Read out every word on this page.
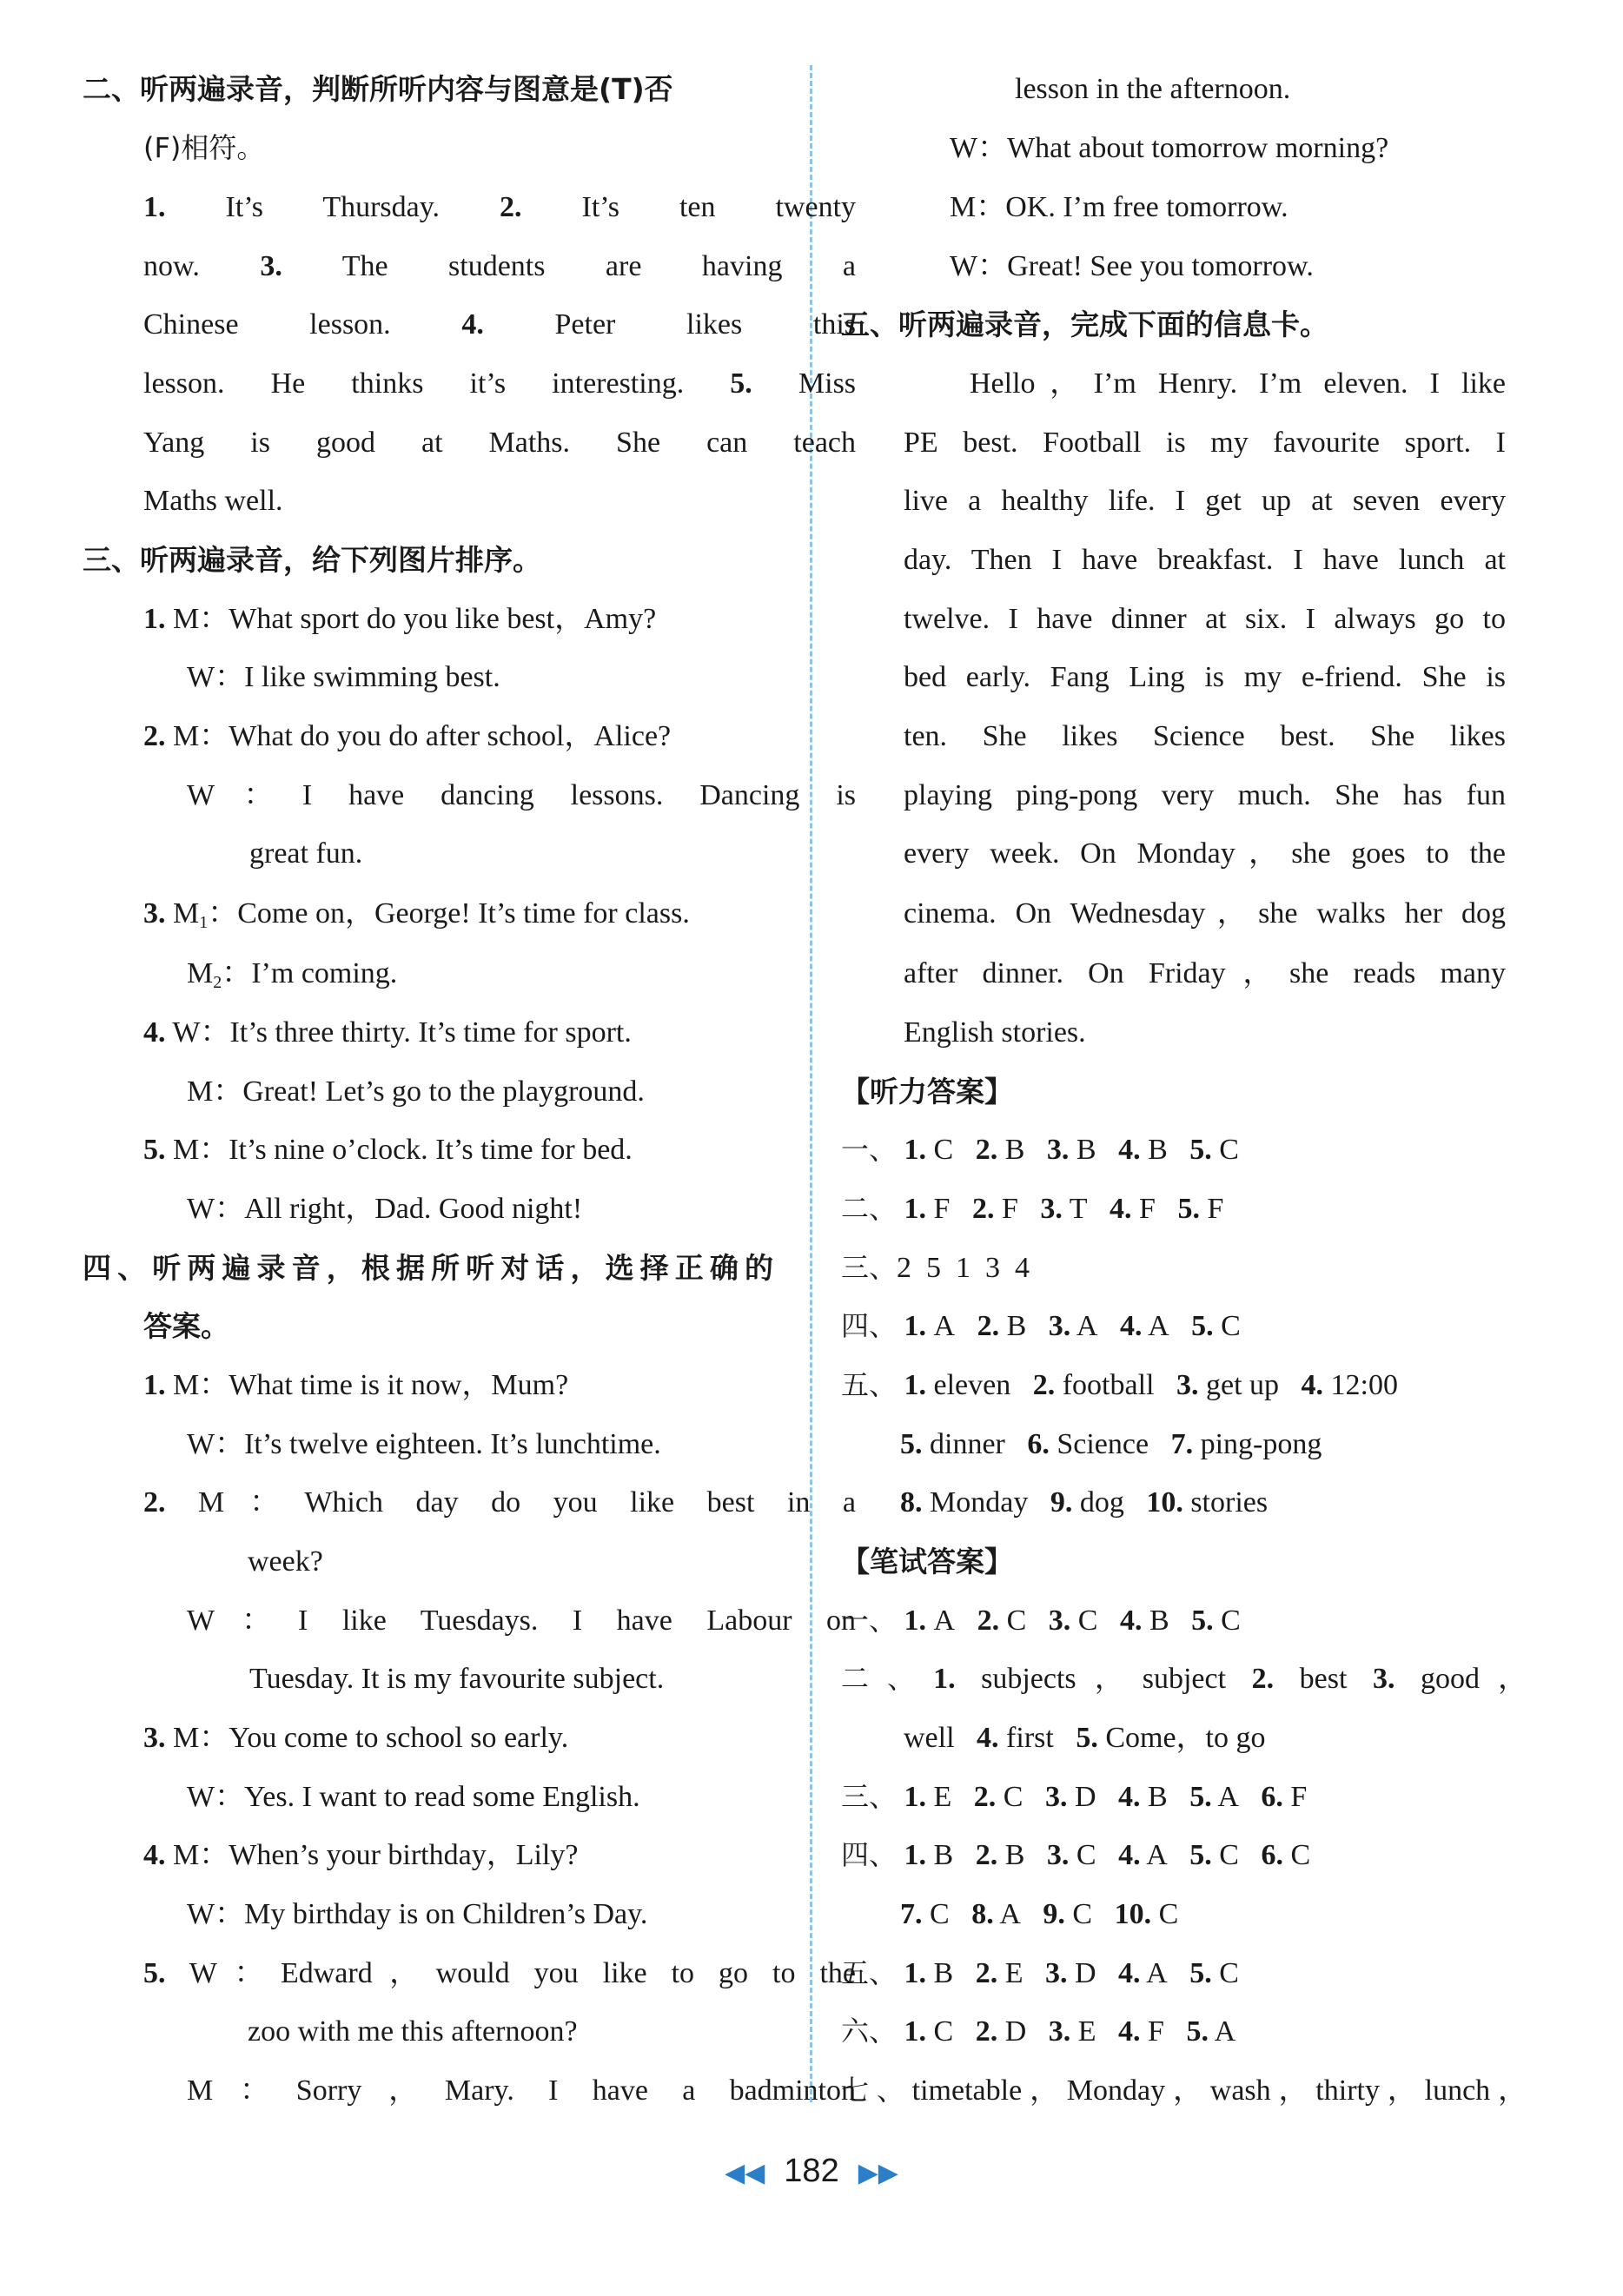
二、听两遍录音，判断所听内容与图意是(T)否
(F)相符。
1. It’s Thursday. 2. It’s ten twenty
now. 3. The students are having a
Chinese lesson. 4. Peter likes this
lesson. He thinks it’s interesting. 5. Miss
Yang is good at Maths. She can teach
Maths well.
三、听两遍录音，给下列图片排序。
1. M：What sport do you like best，Amy?
W：I like swimming best.
2. M：What do you do after school，Alice?
W：I have dancing lessons. Dancing is
great fun.
3. $M_1$：Come on，George! It’s time for class.
$M_2$：I’m coming.
4. W：It’s three thirty. It’s time for sport.
M：Great! Let’s go to the playground.
5. M：It’s nine o’clock. It’s time for bed.
W：All right，Dad. Good night!
四、听两遍录音，根据所听对话，选择正确的
答案。
1. M：What time is it now，Mum?
W：It’s twelve eighteen. It’s lunchtime.
2. M：Which day do you like best in a
week?
W：I like Tuesdays. I have Labour on
Tuesday. It is my favourite subject.
3. M：You come to school so early.
W：Yes. I want to read some English.
4. M：When’s your birthday，Lily?
W：My birthday is on Children’s Day.
5. W：Edward，would you like to go to the
zoo with me this afternoon?
M：Sorry，Mary. I have a badminton
lesson in the afternoon.
W：What about tomorrow morning?
M：OK. I’m free tomorrow.
W：Great! See you tomorrow.
五、听两遍录音，完成下面的信息卡。
Hello，I’m Henry. I’m eleven. I like
PE best. Football is my favourite sport. I
live a healthy life. I get up at seven every
day. Then I have breakfast. I have lunch at
twelve. I have dinner at six. I always go to
bed early. Fang Ling is my e-friend. She is
ten. She likes Science best. She likes
playing ping-pong very much. She has fun
every week. On Monday，she goes to the
cinema. On Wednesday，she walks her dog
after dinner. On Friday，she reads many
English stories.
【听力答案】
一、 1. C 2. B 3. B 4. B 5. C
二、 1. F 2. F 3. T 4. F 5. F
三、2  5  1  3  4
四、 1. A 2. B 3. A 4. A 5. C
五、 1. eleven 2. football 3. get up 4. 12:00
5. dinner 6. Science 7. ping-pong
8. Monday 9. dog 10. stories
【笔试答案】
一、 1. A 2. C 3. C 4. B 5. C
二、1. subjects，subject 2. best 3. good，
well 4. first 5. Come，to go
三、 1. E 2. C 3. D 4. B 5. A 6. F
四、 1. B 2. B 3. C 4. A 5. C 6. C
7. C 8. A 9. C 10. C
五、 1. B 2. E 3. D 4. A 5. C
六、 1. C 2. D 3. E 4. F 5. A
七、timetable，Monday，wash，thirty，lunch，
◀◀ 182 ▶▶
